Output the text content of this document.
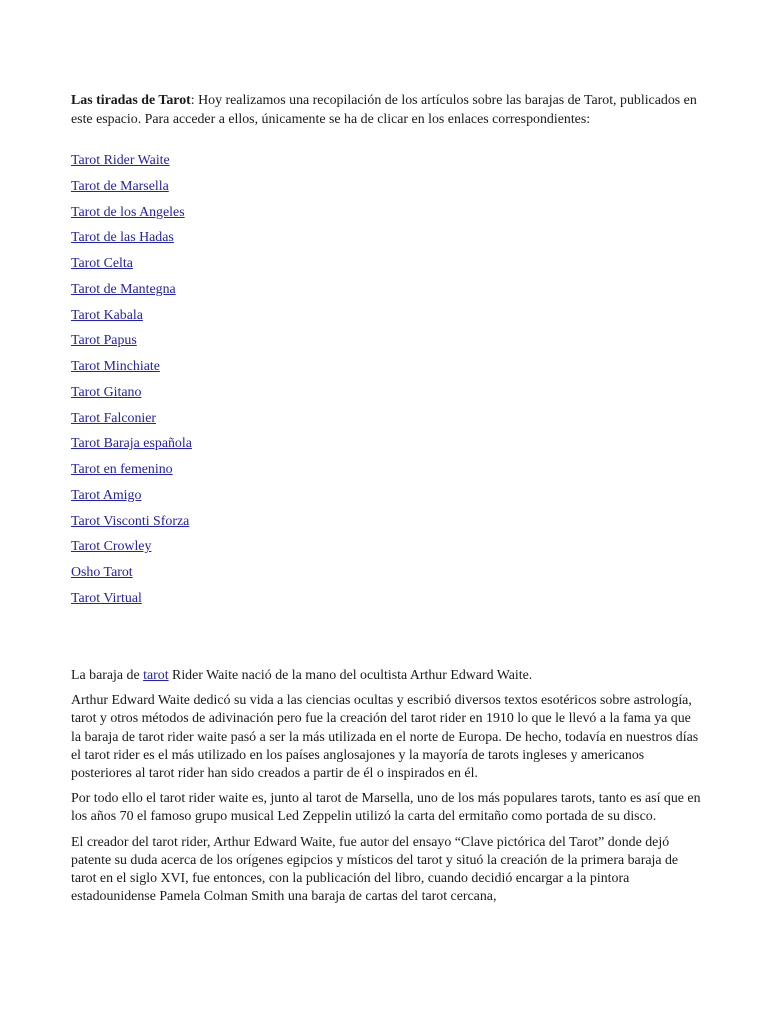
Las tiradas de Tarot: Hoy realizamos una recopilación de los artículos sobre las barajas de Tarot, publicados en este espacio. Para acceder a ellos, únicamente se ha de clicar en los enlaces correspondientes:

Tarot Rider Waite
Tarot de Marsella
Tarot de los Angeles
Tarot de las Hadas
Tarot Celta
Tarot de Mantegna
Tarot Kabala
Tarot Papus
Tarot Minchiate
Tarot Gitano
Tarot Falconier
Tarot Baraja española
Tarot en femenino
Tarot Amigo
Tarot Visconti Sforza
Tarot Crowley
Osho Tarot
Tarot Virtual

La baraja de tarot Rider Waite nació de la mano del ocultista Arthur Edward Waite.

Arthur Edward Waite dedicó su vida a las ciencias ocultas y escribió diversos textos esotéricos sobre astrología, tarot y otros métodos de adivinación pero fue la creación del tarot rider en 1910 lo que le llevó a la fama ya que la baraja de tarot rider waite pasó a ser la más utilizada en el norte de Europa. De hecho, todavía en nuestros días el tarot rider es el más utilizado en los países anglosajones y la mayoría de tarots ingleses y americanos posteriores al tarot rider han sido creados a partir de él o inspirados en él.

Por todo ello el tarot rider waite es, junto al tarot de Marsella, uno de los más populares tarots, tanto es así que en los años 70 el famoso grupo musical Led Zeppelin utilizó la carta del ermitaño como portada de su disco.

El creador del tarot rider, Arthur Edward Waite, fue autor del ensayo “Clave pictórica del Tarot” donde dejó patente su duda acerca de los orígenes egipcios y místicos del tarot y situó la creación de la primera baraja de tarot en el siglo XVI, fue entonces, con la publicación del libro, cuando decidió encargar a la pintora estadounidense Pamela Colman Smith una baraja de cartas del tarot cercana,
